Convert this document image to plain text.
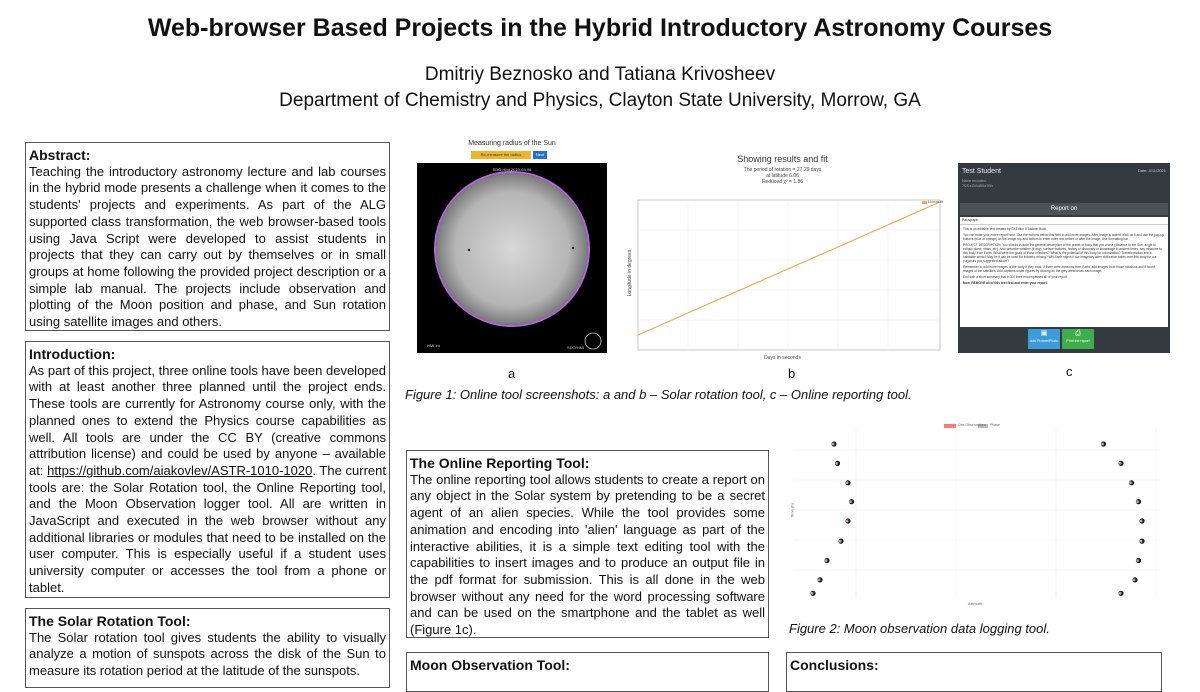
Web-browser Based Projects in the Hybrid Introductory Astronomy Courses
Dmitriy Beznosko and Tatiana Krivosheev
Department of Chemistry and Physics, Clayton State University, Morrow, GA
Abstract:
Teaching the introductory astronomy lecture and lab courses in the hybrid mode presents a challenge when it comes to the students' projects and experiments. As part of the ALG supported class transformation, the web browser-based tools using Java Script were developed to assist students in projects that they can carry out by themselves or in small groups at home following the provided project description or a simple lab manual. The projects include observation and plotting of the Moon position and phase, and Sun rotation using satellite images and others.
Introduction:
As part of this project, three online tools have been developed with at least another three planned until the project ends. These tools are currently for Astronomy course only, with the planned ones to extend the Physics course capabilities as well. All tools are under the CC BY (creative commons attribution license) and could be used by anyone – available at: https://github.com/aiakovlev/ASTR-1010-1020. The current tools are: the Solar Rotation tool, the Online Reporting tool, and the Moon Observation logger tool. All are written in JavaScript and executed in the web browser without any additional libraries or modules that need to be installed on the user computer. This is especially useful if a student uses university computer or accesses the tool from a phone or tablet.
The Solar Rotation Tool:
The Solar rotation tool gives students the ability to visually analyze a motion of sunspots across the disk of the Sun to measure its rotation period at the latitude of the sunspots.
Measuring radius of the Sun
Re-measure the radius	Next
SDO HMI 2019-03-06
HMI Int	SDO/HMI
Showing results and fit
The period of rotation = 27.29 days
at latitude 6.06
Reduced χ² = 1.86
Linear fit
Longitude in degrees
Days in seconds
Test Student	Date: 4/11/2021
Name encoded:
7f2f1e2b5d8f4a7f9b
Report on
Paragraph

This is an editable text created by CKEditor 5 Balloon Build.

You can enter your entire report here. Use the buttons below this field to add more images. After image is added, click on it and use the pop-up buttons (blue or orange) on the image top and bottom to enter more text before or after the image. Use formatting bar.

PROJECT DESCRIPTION: You should include the general description of the planet or body that you chose (distance to the Sun, angle to ecliptic plane, mass, etc). Also describe weather (if any), surface features, history of discovery or knowledge in ancient times, any missions to this body from Earth. What were the goals of those missions? What is the potential of this body for colonization? Transformation into a habitable world? May be it can be used for industry, mining? Will Earth object if our imaginary alien civilization takes over this body for our purposes you suggested above?

Remember to add more images of the body if they exist. If there were missions from Earth, add images from those missions and if found, images of the satellites. Add captions under figures by clicking on the grey area below each image.

End with a short summary that in 3-4 lines encompasses all of your report.

Now, REMOVE all of this text first and enter your report.

▣
Add Picture/Photo
⎙
Print the report
a	b	c
Figure 1: Online tool screenshots: a and b – Solar rotation tool, c – Online reporting tool.
The Online Reporting Tool:
The online reporting tool allows students to create a report on any object in the Solar system by pretending to be a secret agent of an alien species. While the tool provides some animation and encoding into 'alien' language as part of the interactive abilities, it is a simple text editing tool with the capabilities to insert images and to produce an output file in the pdf format for submission. This is all done in the web browser without any need for the word processing software and can be used on the smartphone and the tablet as well (Figure 1c).
Moon Observation Tool:
Obs Observations Phase
Time (h)
Azimuth
Figure 2: Moon observation data logging tool.
Conclusions:
